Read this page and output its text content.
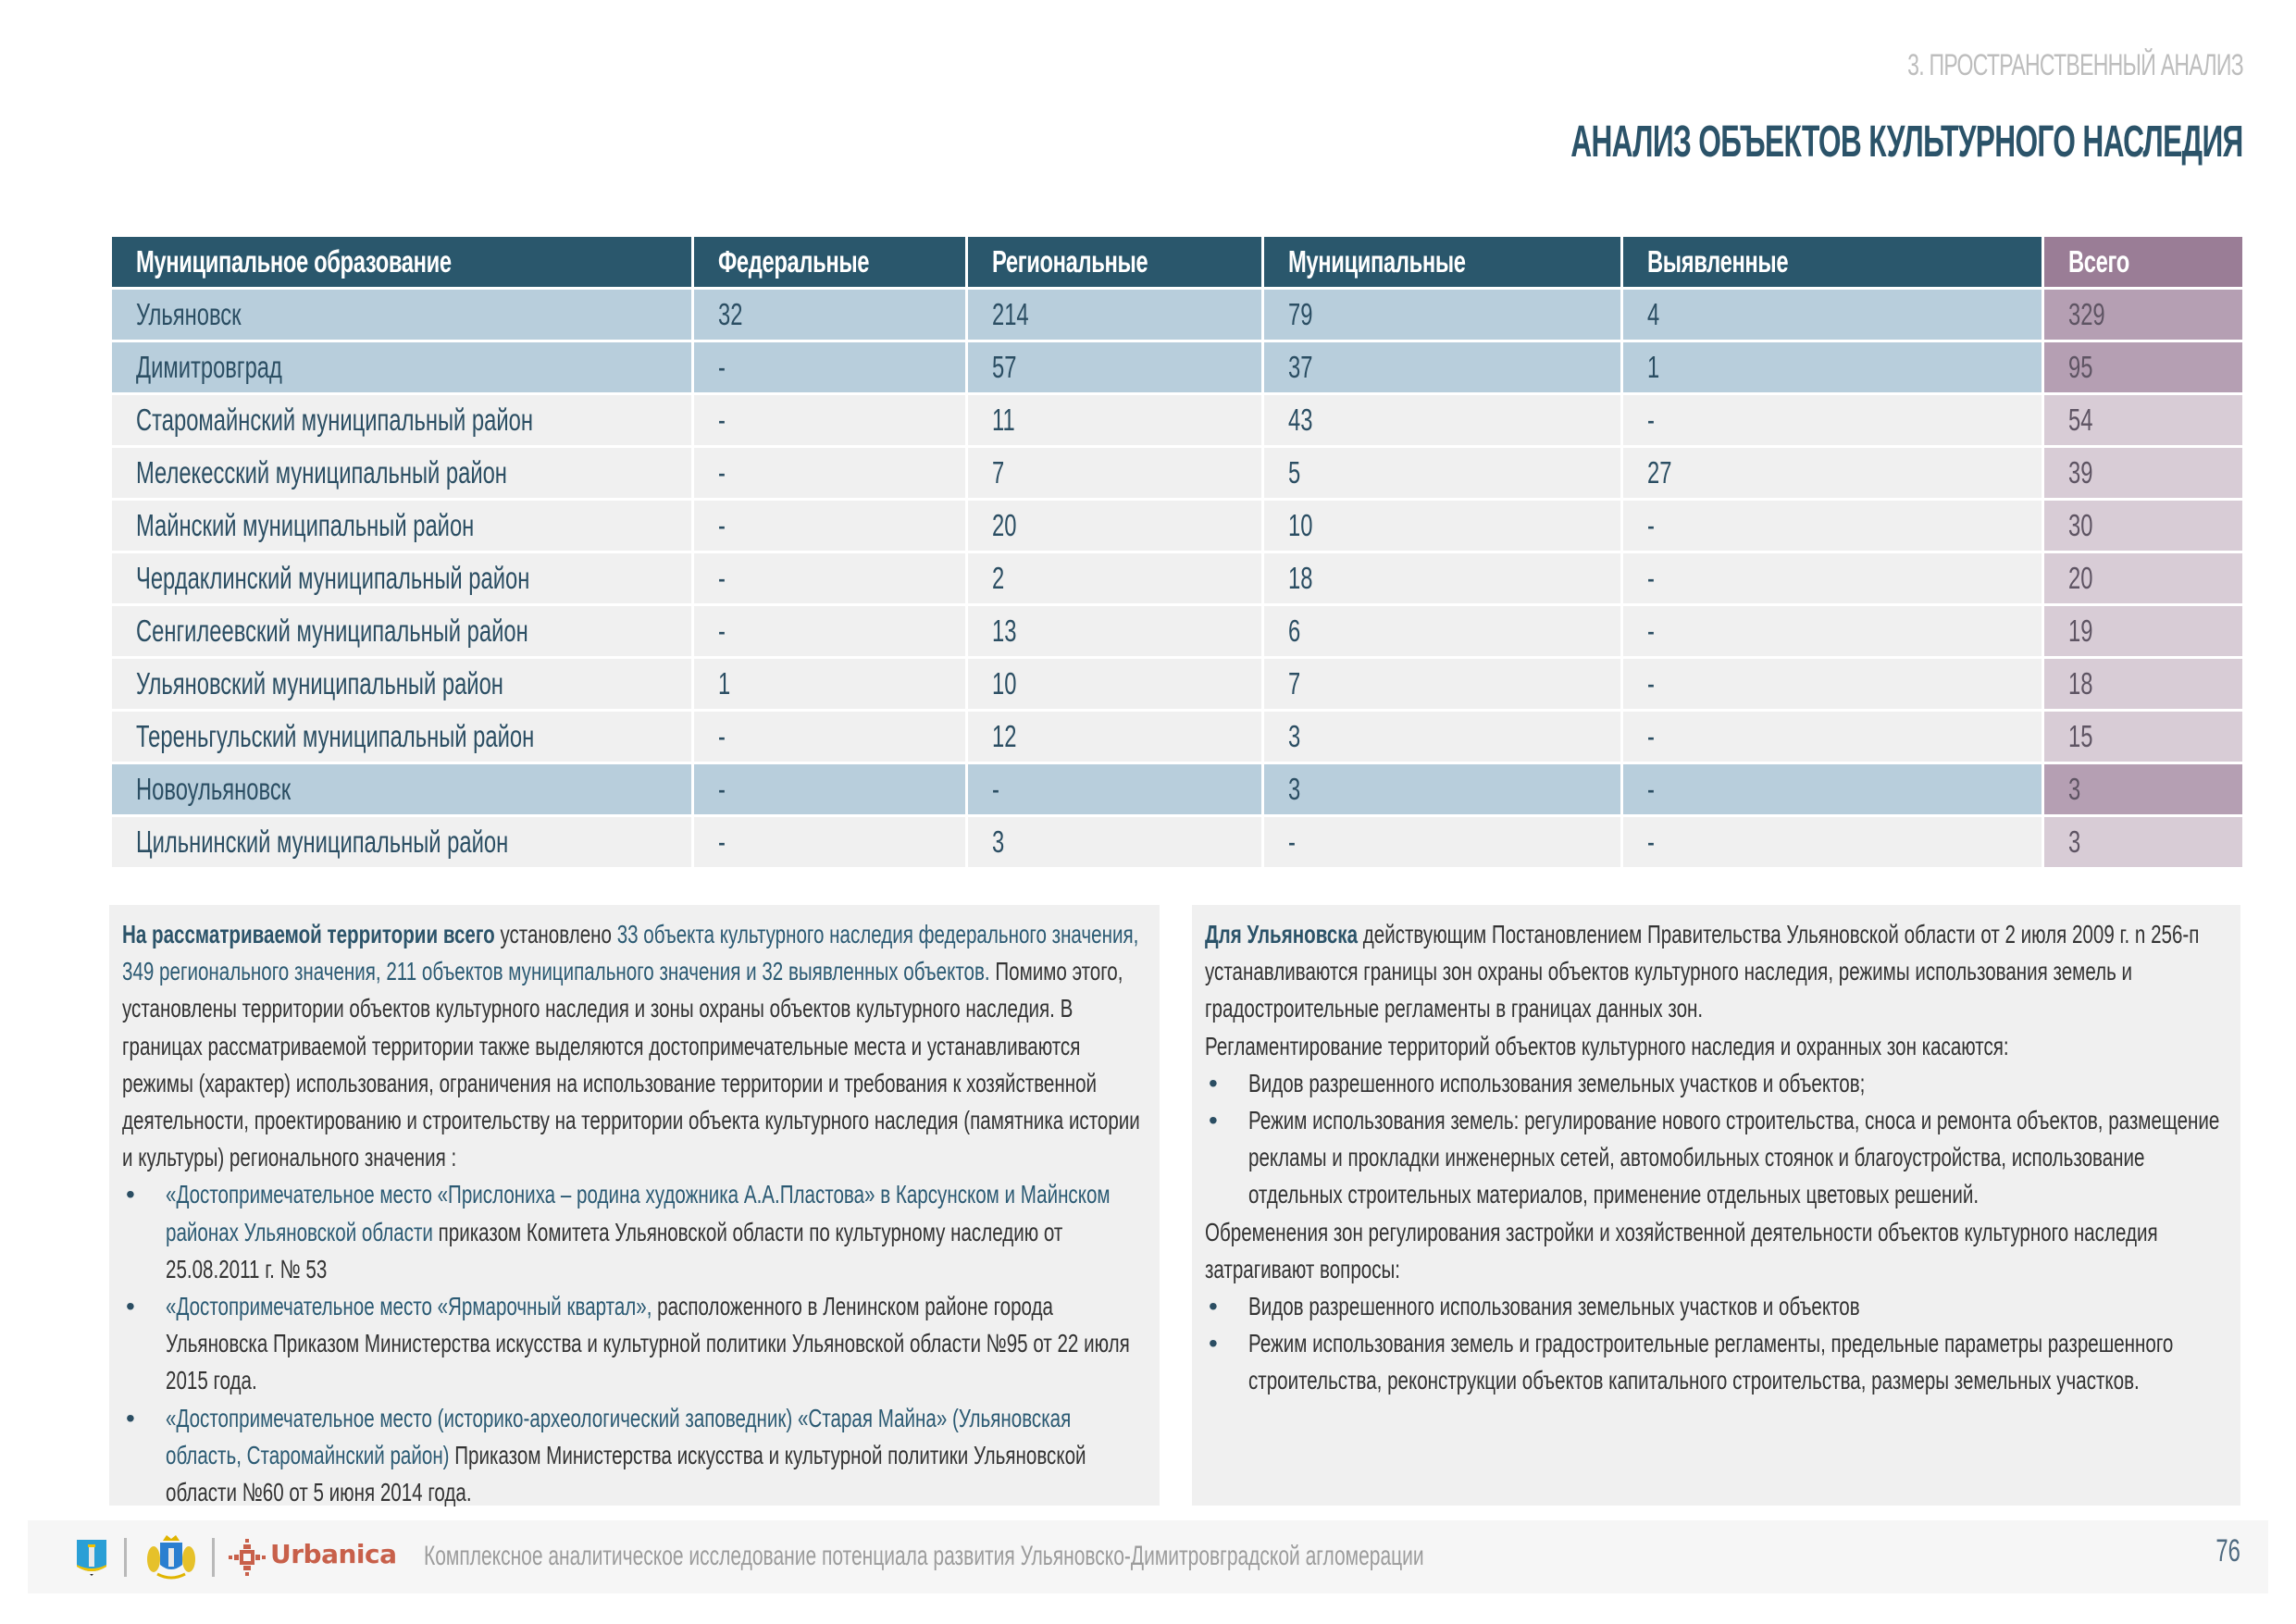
3. ПРОСТРАНСТВЕННЫЙ АНАЛИЗ
АНАЛИЗ ОБЪЕКТОВ КУЛЬТУРНОГО НАСЛЕДИЯ
Муниципальное образование	Федеральные	Региональные	Муниципальные	Выявленные	Всего
Ульяновск	32	214	79	4	329
Димитровград	-	57	37	1	95
Старомайнский муниципальный район	-	11	43	-	54
Мелекесский муниципальный район	-	7	5	27	39
Майнский муниципальный район	-	20	10	-	30
Чердаклинский муниципальный район	-	2	18	-	20
Сенгилеевский муниципальный район	-	13	6	-	19
Ульяновский муниципальный район	1	10	7	-	18
Тереньгульский муниципальный район	-	12	3	-	15
Новоульяновск	-	-	3	-	3
Цильнинский муниципальный район	-	3	-	-	3

На рассматриваемой территории всего установлено 33 объекта культурного наследия федерального значения, 349 регионального значения, 211 объектов муниципального значения и 32 выявленных объектов. Помимо этого, установлены территории объектов культурного наследия и зоны охраны объектов культурного наследия. В границах рассматриваемой территории также выделяются достопримечательные места и устанавливаются режимы (характер) использования, ограничения на использование территории и требования к хозяйственной деятельности, проектированию и строительству на территории объекта культурного наследия (памятника истории и культуры) регионального значения :

• «Достопримечательное место «Прислониха – родина художника А.А.Пластова» в Карсунском и Майнском районах Ульяновской области приказом Комитета Ульяновской области по культурному наследию от 25.08.2011 г. № 53
• «Достопримечательное место «Ярмарочный квартал», расположенного в Ленинском районе города Ульяновска Приказом Министерства искусства и культурной политики Ульяновской области №95 от 22 июля 2015 года.
• «Достопримечательное место (историко-археологический заповедник) «Старая Майна» (Ульяновская область, Старомайнский район) Приказом Министерства искусства и культурной политики Ульяновской области №60 от 5 июня 2014 года.

Для Ульяновска действующим Постановлением Правительства Ульяновской области от 2 июля 2009 г. n 256-п устанавливаются границы зон охраны объектов культурного наследия, режимы использования земель и градостроительные регламенты в границах данных зон.

Регламентирование территорий объектов культурного наследия и охранных зон касаются:

• Видов разрешенного использования земельных участков и объектов;
• Режим использования земель: регулирование нового строительства, сноса и ремонта объектов, размещение рекламы и прокладки инженерных сетей, автомобильных стоянок и благоустройства, использование отдельных строительных материалов, применение отдельных цветовых решений.

Обременения зон регулирования застройки и хозяйственной деятельности объектов культурного наследия затрагивают вопросы:

• Видов разрешенного использования земельных участков и объектов
• Режим использования земель и градостроительные регламенты, предельные параметры разрешенного строительства, реконструкции объектов капитального строительства, размеры земельных участков.
Urbanica Комплексное аналитическое исследование потенциала развития Ульяновско-Димитровградской агломерации	76
